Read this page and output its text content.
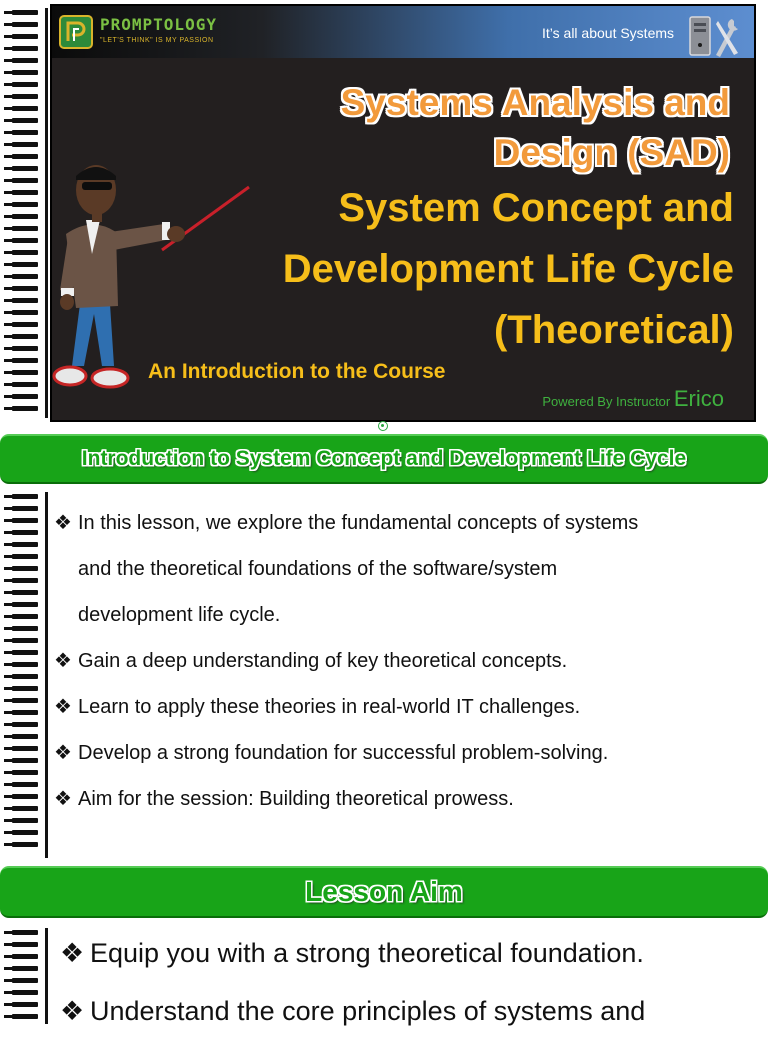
PROMPTOLOGY
"LET'S THINK" IS MY PASSION	It’s all about Systems
Systems Analysis and
Design (SAD)
System Concept and
Development Life Cycle
(Theoretical)
An Introduction to the Course
Powered By Instructor Erico
Introduction to System Concept and Development Life Cycle
❖ In this lesson, we explore the fundamental concepts of systems
and the theoretical foundations of the software/system
development life cycle.
❖ Gain a deep understanding of key theoretical concepts.
❖ Learn to apply these theories in real-world IT challenges.
❖ Develop a strong foundation for successful problem-solving.
❖ Aim for the session: Building theoretical prowess.
Lesson Aim
❖ Equip you with a strong theoretical foundation.
❖ Understand the core principles of systems and
